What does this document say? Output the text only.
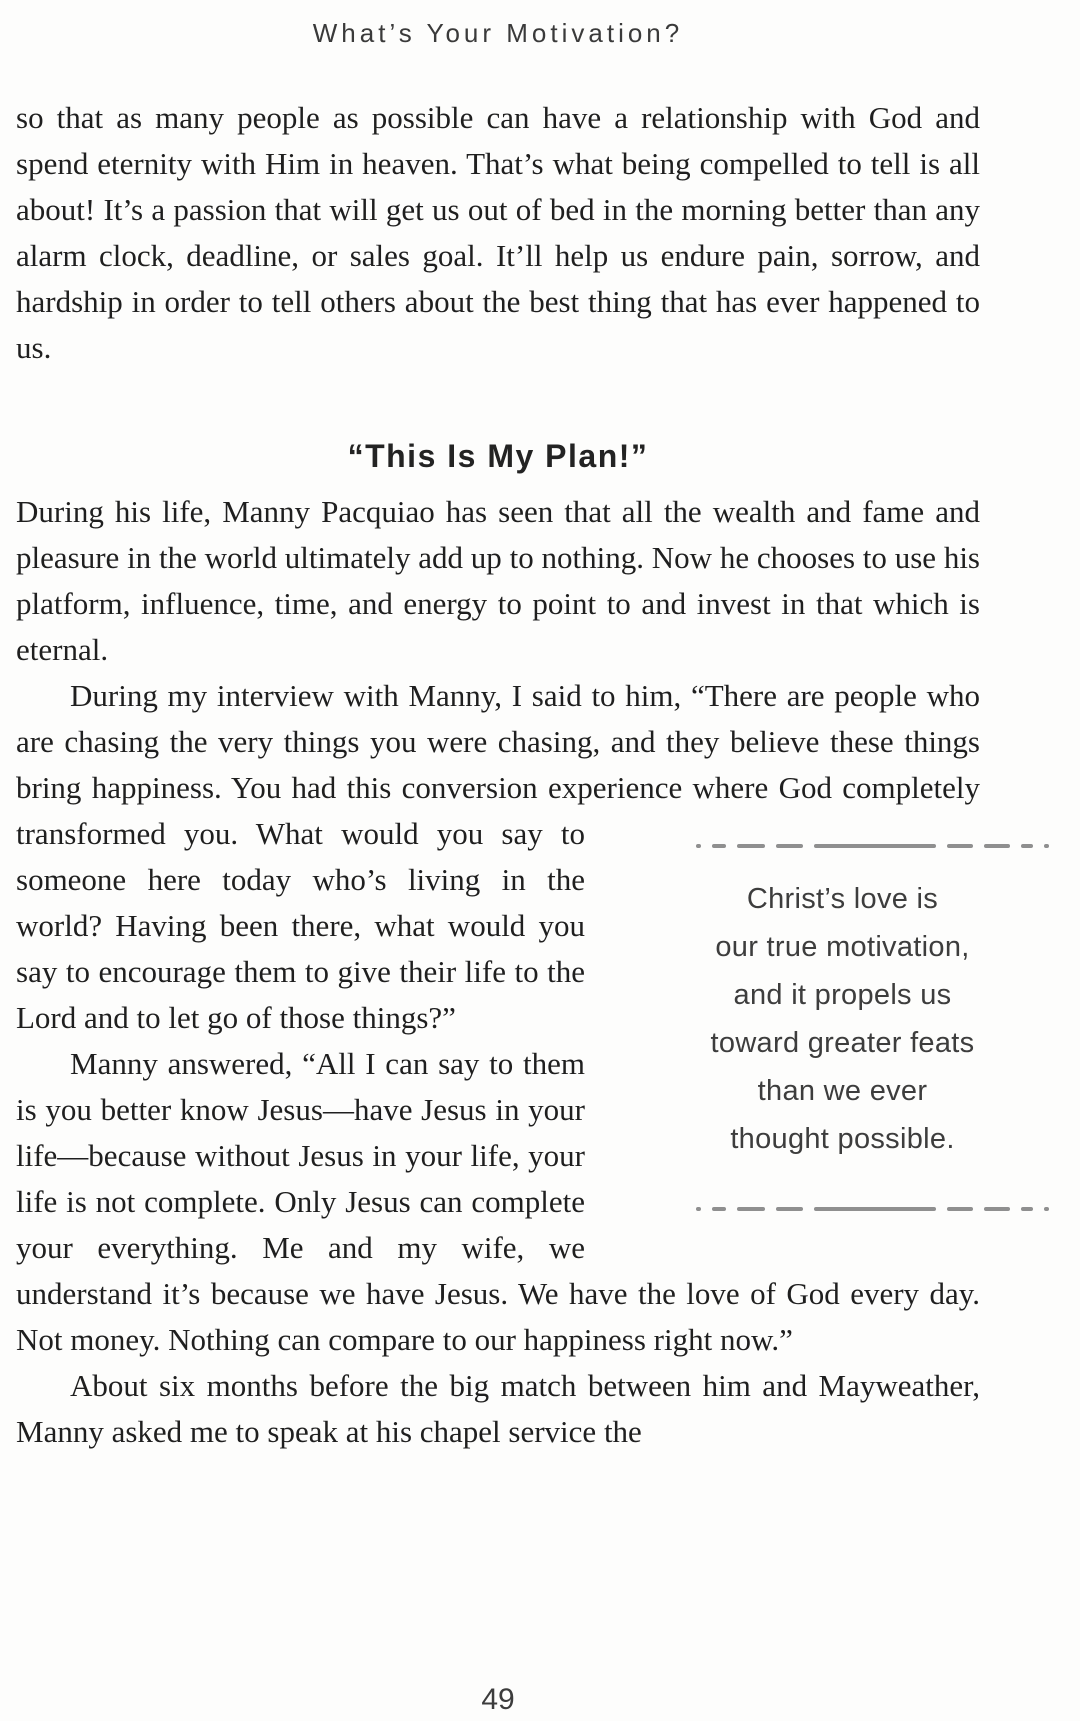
What’s Your Motivation?

so that as many people as possible can have a relationship with God and spend eternity with Him in heaven. That’s what being compelled to tell is all about! It’s a passion that will get us out of bed in the morning better than any alarm clock, deadline, or sales goal. It’ll help us endure pain, sorrow, and hardship in order to tell others about the best thing that has ever happened to us.

“This Is My Plan!”

During his life, Manny Pacquiao has seen that all the wealth and fame and pleasure in the world ultimately add up to nothing. Now he chooses to use his platform, influence, time, and energy to point to and invest in that which is eternal.

During my interview with Manny, I said to him, “There are people who are chasing the very things you were chasing, and they believe these things bring happiness. You had this conversion experience where God completely transformed you. What would you
Christ’s love is
our true motivation,
and it propels us
toward greater feats
than we ever
thought possible.
say to someone here today who’s living in the world? Having been there, what would you say to encourage them to give their life to the Lord and to let go of those things?”

Manny answered, “All I can say to them is you better know Jesus—have Jesus in your life—because without Jesus in your life, your life is not complete. Only Jesus can complete your everything. Me and my wife, we understand it’s because we have Jesus. We have the love of God every day. Not money. Nothing can compare to our happiness right now.”

About six months before the big match between him and Mayweather, Manny asked me to speak at his chapel service the

49
